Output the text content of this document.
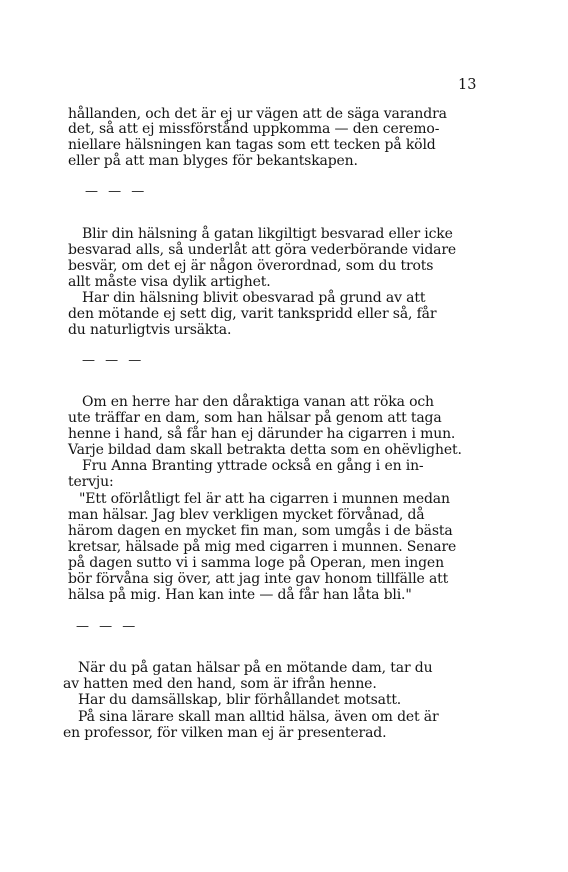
13
hållanden, och det är ej ur vägen att de säga varandra
det, så att ej missförstånd uppkomma — den ceremo-
niellare hälsningen kan tagas som ett tecken på köld
eller på att man blyges för bekantskapen.
— — —
Blir din hälsning å gatan likgiltigt besvarad eller icke
besvarad alls, så underlåt att göra vederbörande vidare
besvär, om det ej är någon överordnad, som du trots
allt måste visa dylik artighet.
Har din hälsning blivit obesvarad på grund av att
den mötande ej sett dig, varit tankspridd eller så, får
du naturligtvis ursäkta.
— — —
Om en herre har den dåraktiga vanan att röka och
ute träffar en dam, som han hälsar på genom att taga
henne i hand, så får han ej därunder ha cigarren i mun.
Varje bildad dam skall betrakta detta som en ohëvlighet.
Fru Anna Branting yttrade också en gång i en in-
tervju:
"Ett oförlåtligt fel är att ha cigarren i munnen medan
man hälsar. Jag blev verkligen mycket förvånad, då
härom dagen en mycket fin man, som umgås i de bästa
kretsar, hälsade på mig med cigarren i munnen. Senare
på dagen sutto vi i samma loge på Operan, men ingen
bör förvåna sig över, att jag inte gav honom tillfälle att
hälsa på mig. Han kan inte — då får han låta bli."
— — —
När du på gatan hälsar på en mötande dam, tar du
av hatten med den hand, som är ifrån henne.
Har du damsällskap, blir förhållandet motsatt.
På sina lärare skall man alltid hälsa, även om det är
en professor, för vilken man ej är presenterad.
